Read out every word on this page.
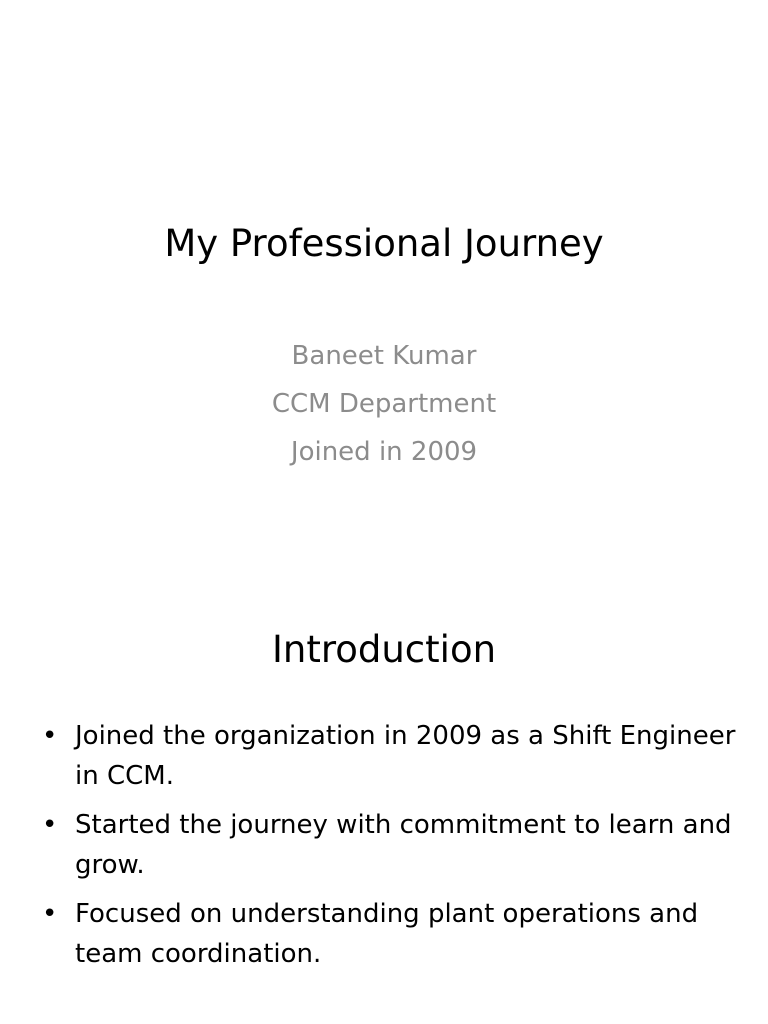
My Professional Journey
Baneet Kumar
CCM Department
Joined in 2009
Introduction
• Joined the organization in 2009 as a Shift Engineer in CCM.
• Started the journey with commitment to learn and grow.
• Focused on understanding plant operations and team coordination.
